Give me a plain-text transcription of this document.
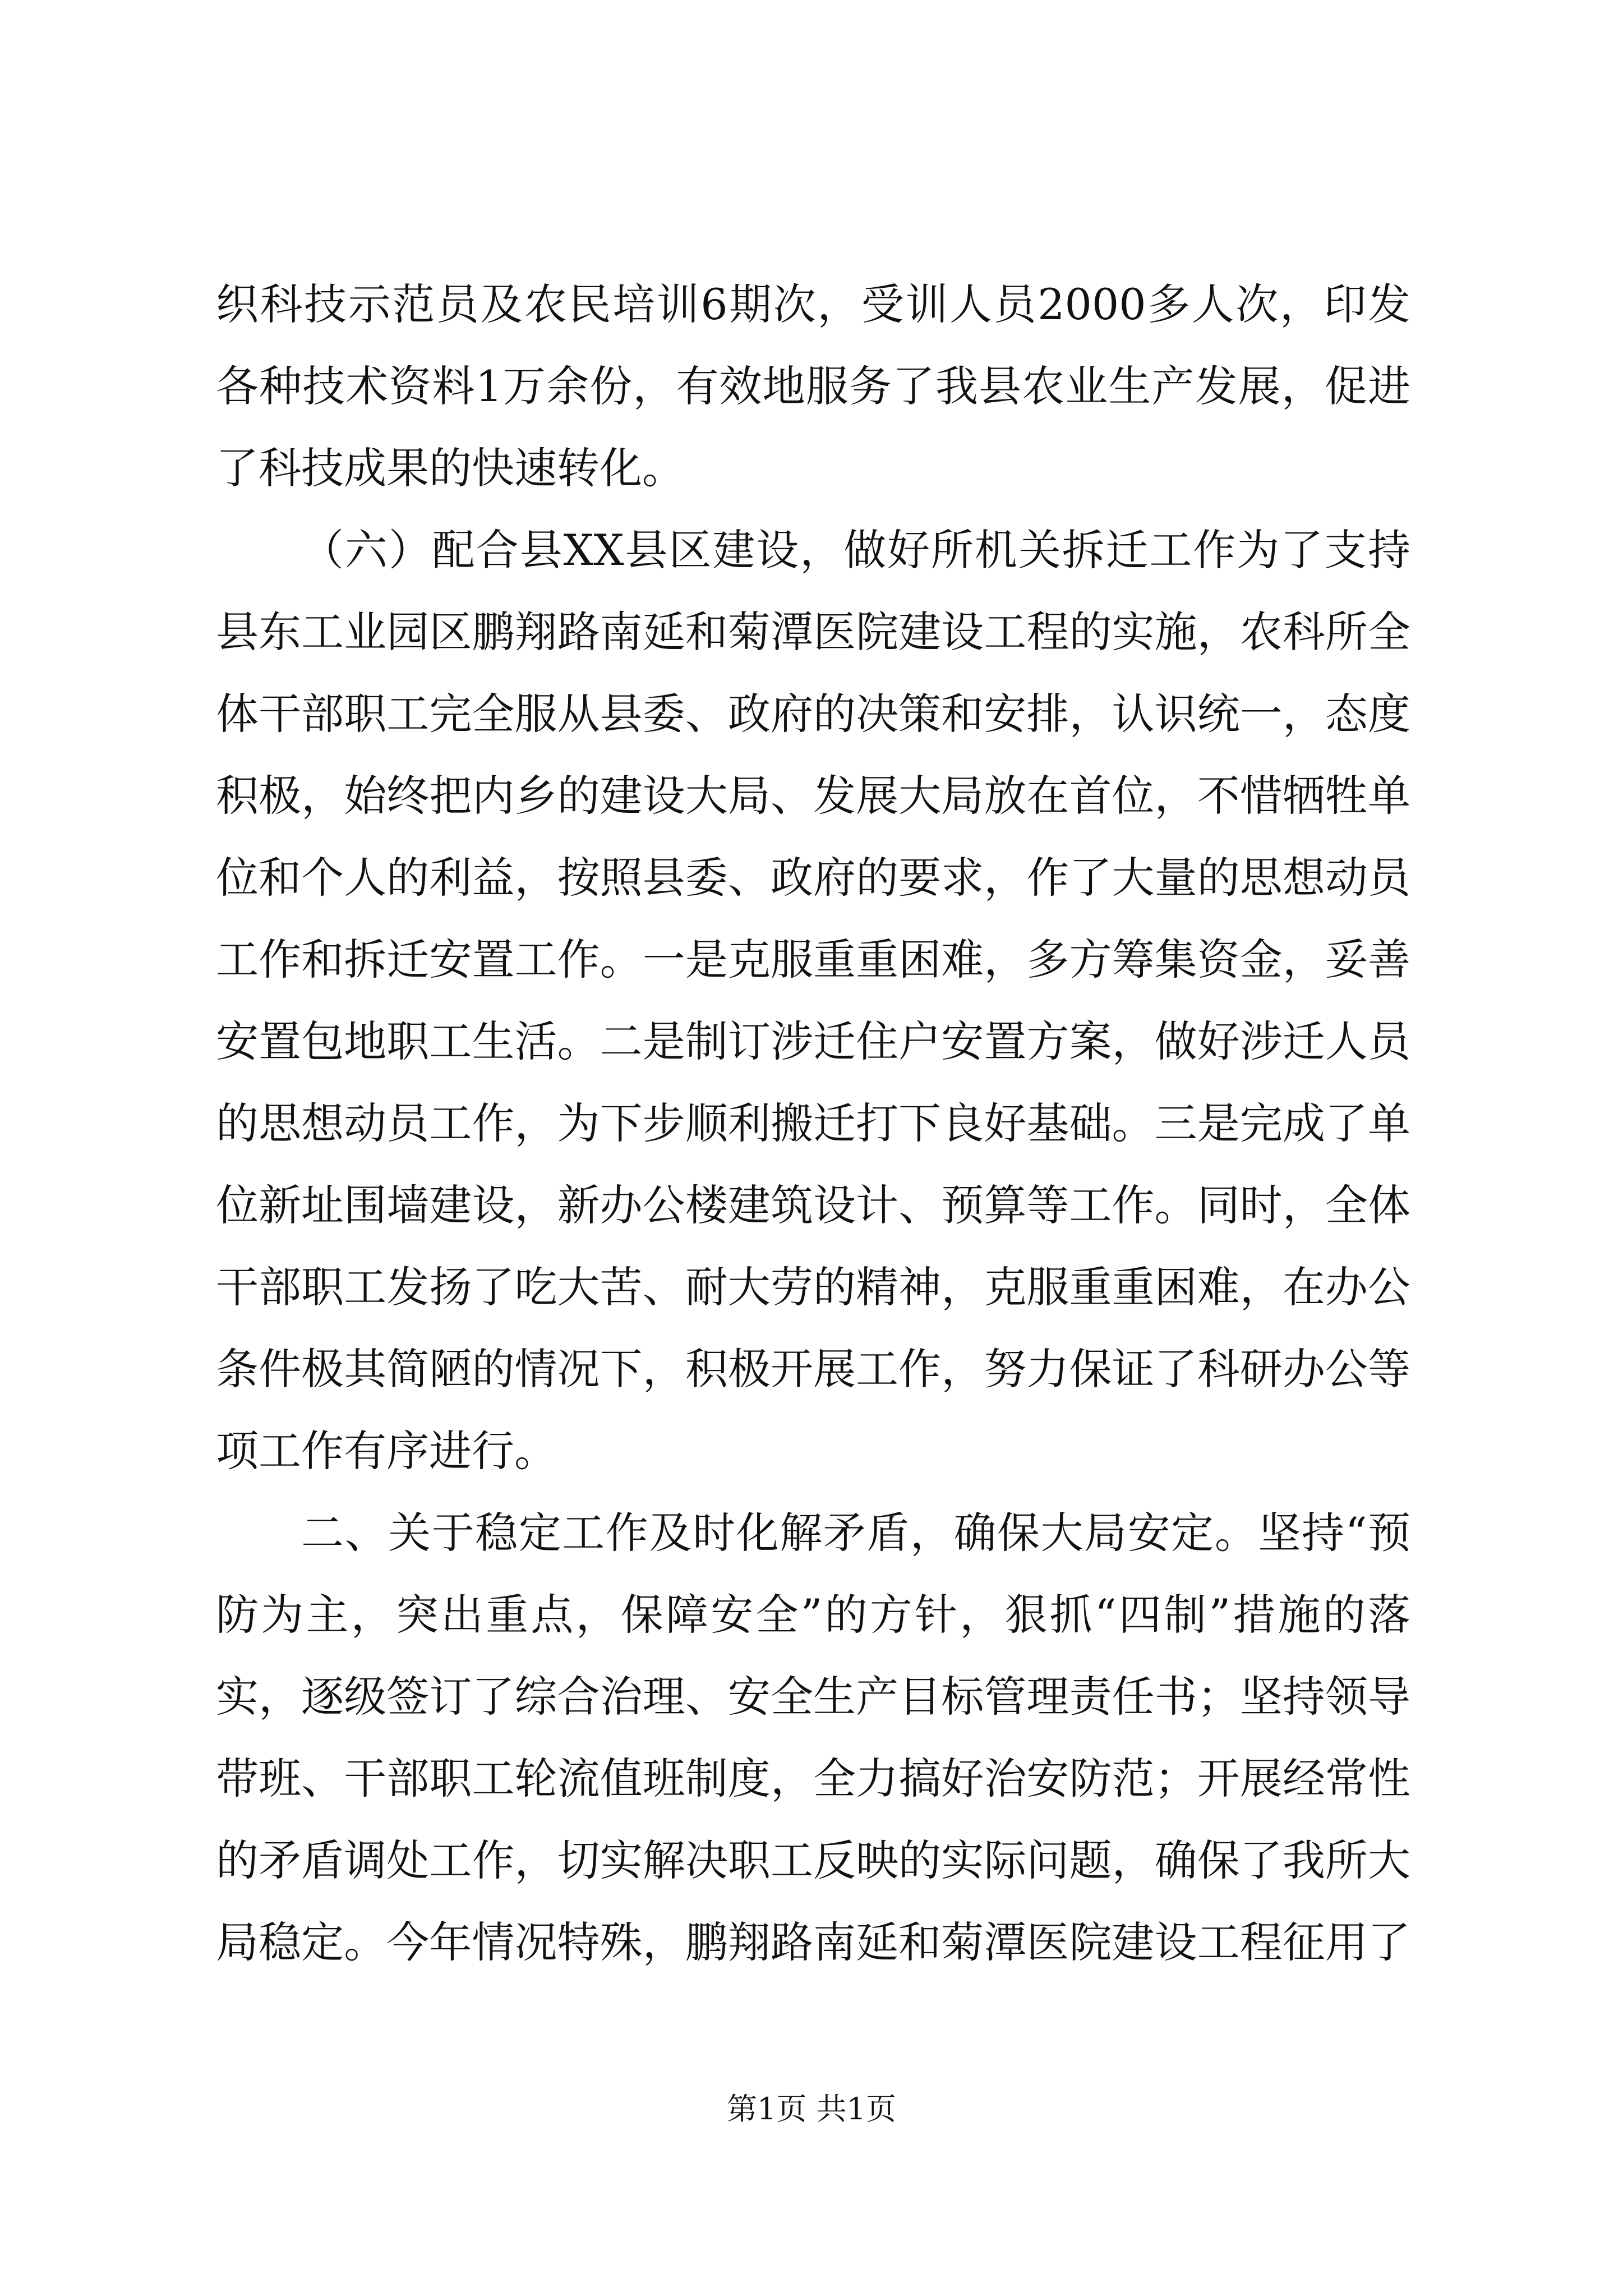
织科技示范员及农民培训6期次，受训人员2000多人次，印发
各种技术资料1万余份，有效地服务了我县农业生产发展，促进
了科技成果的快速转化。
（六）配合县XX县区建设，做好所机关拆迁工作为了支持
县东工业园区鹏翔路南延和菊潭医院建设工程的实施，农科所全
体干部职工完全服从县委、政府的决策和安排，认识统一，态度
积极，始终把内乡的建设大局、发展大局放在首位，不惜牺牲单
位和个人的利益，按照县委、政府的要求，作了大量的思想动员
工作和拆迁安置工作。一是克服重重困难，多方筹集资金，妥善
安置包地职工生活。二是制订涉迁住户安置方案，做好涉迁人员
的思想动员工作，为下步顺利搬迁打下良好基础。三是完成了单
位新址围墙建设，新办公楼建筑设计、预算等工作。同时，全体
干部职工发扬了吃大苦、耐大劳的精神，克服重重困难，在办公
条件极其简陋的情况下，积极开展工作，努力保证了科研办公等
项工作有序进行。
二、关于稳定工作及时化解矛盾，确保大局安定。坚持“预
防为主，突出重点，保障安全”的方针，狠抓“四制”措施的落
实，逐级签订了综合治理、安全生产目标管理责任书；坚持领导
带班、干部职工轮流值班制度，全力搞好治安防范；开展经常性
的矛盾调处工作，切实解决职工反映的实际问题，确保了我所大
局稳定。今年情况特殊，鹏翔路南延和菊潭医院建设工程征用了
第1页 共1页
